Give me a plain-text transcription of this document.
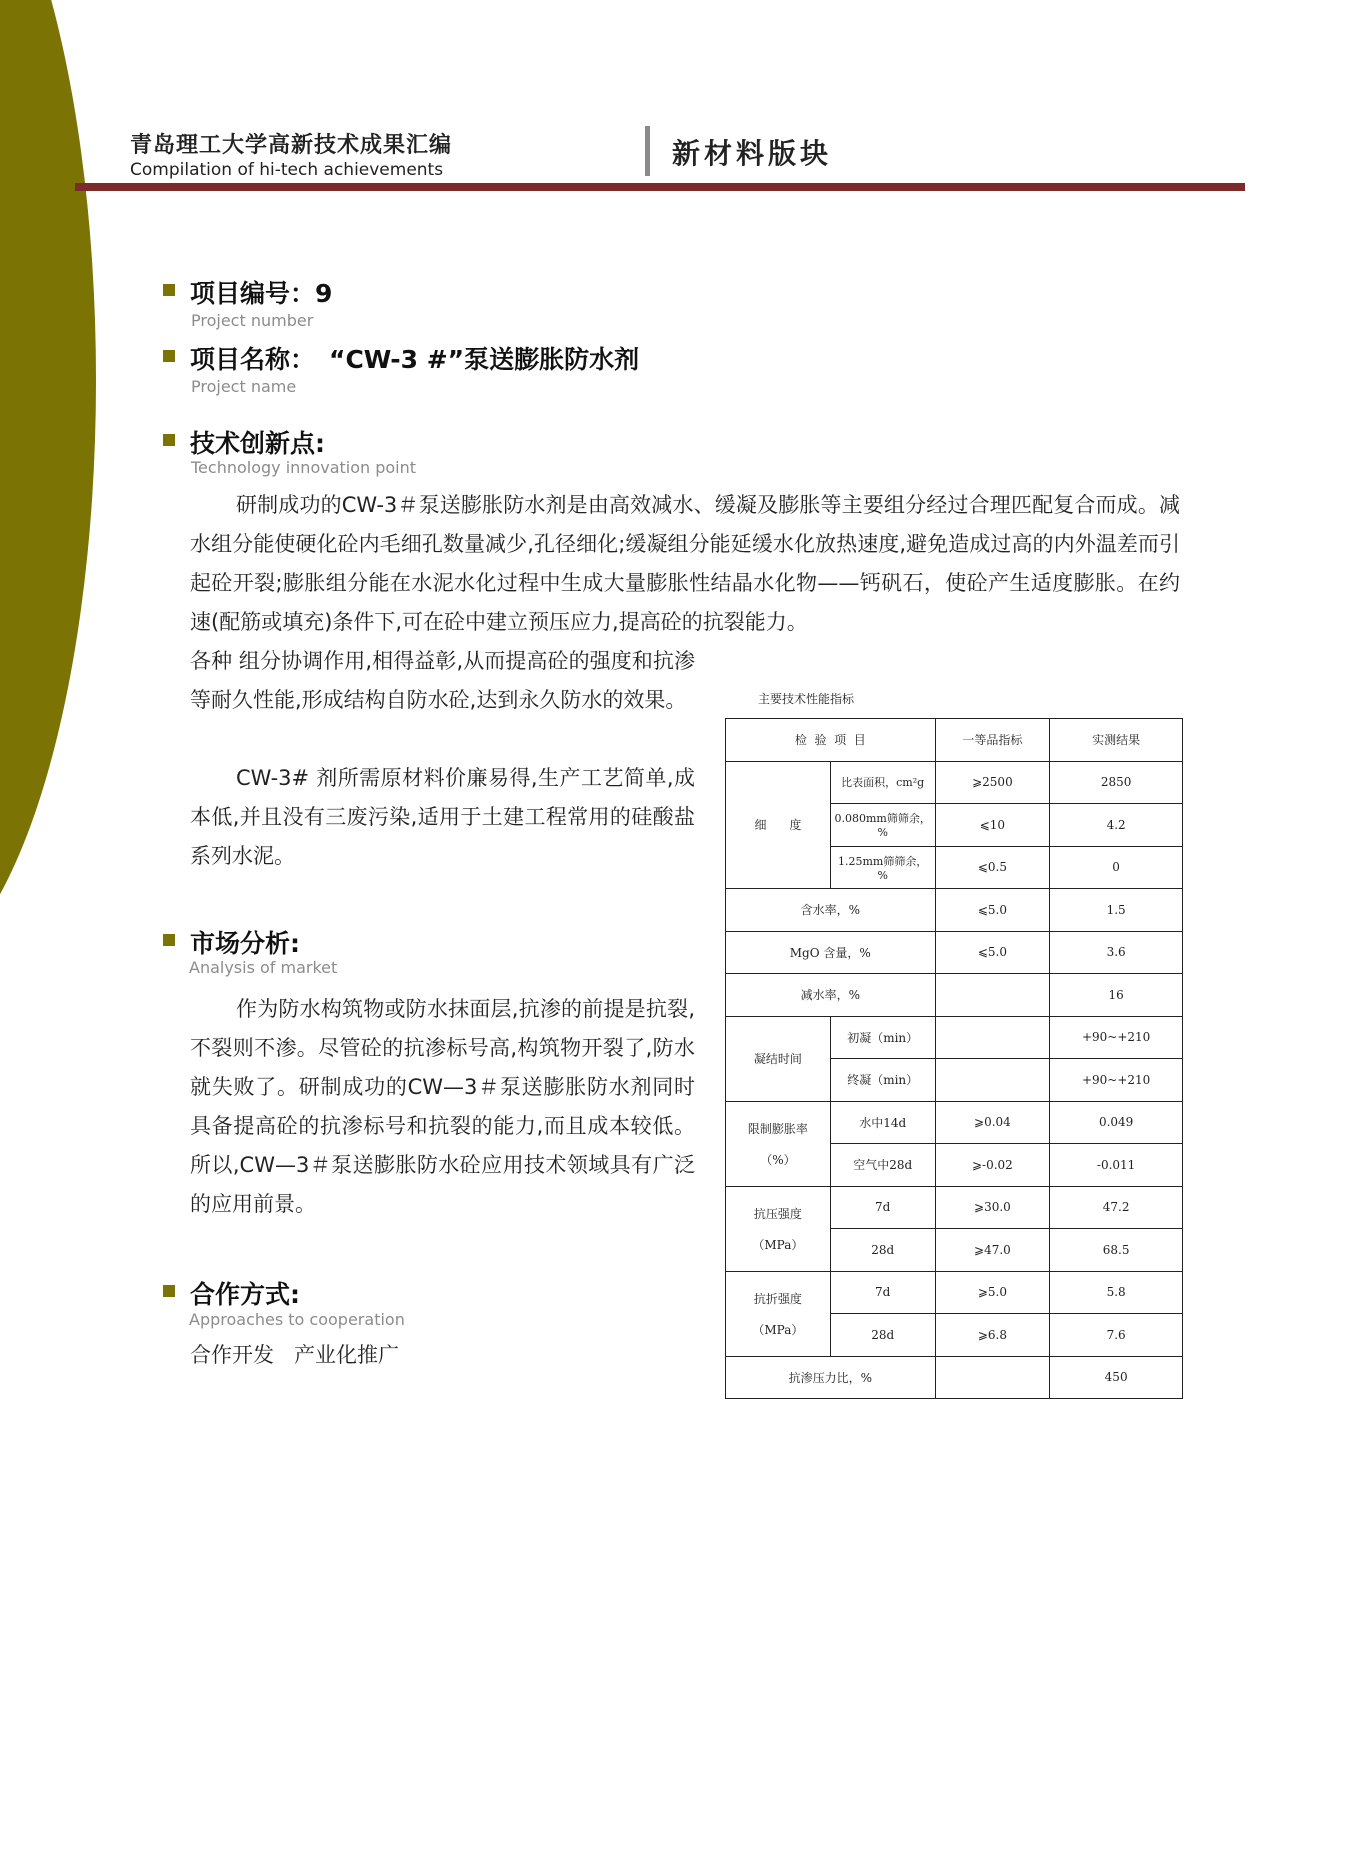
青岛理工大学高新技术成果汇编
Compilation of hi-tech achievements	新材料版块
项目编号：9
Project number
项目名称： “CW-3 #”泵送膨胀防水剂
Project name
技术创新点:
Technology innovation point

研制成功的CW-3＃泵送膨胀防水剂是由高效减水、缓凝及膨胀等主要组分经过合理匹配复合而成。减水组分能使硬化砼内毛细孔数量减少,孔径细化;缓凝组分能延缓水化放热速度,避免造成过高的内外温差而引起砼开裂;膨胀组分能在水泥水化过程中生成大量膨胀性结晶水化物——钙矾石，使砼产生适度膨胀。在约速(配筋或填充)条件下,可在砼中建立预压应力,提高砼的抗裂能力。

各种 组分协调作用,相得益彰,从而提高砼的强度和抗渗等耐久性能,形成结构自防水砼,达到永久防水的效果。

CW-3# 剂所需原材料价廉易得,生产工艺简单,成本低,并且没有三废污染,适用于土建工程常用的硅酸盐系列水泥。

市场分析:
Analysis of market

作为防水构筑物或防水抹面层,抗渗的前提是抗裂,不裂则不渗。尽管砼的抗渗标号高,构筑物开裂了,防水就失败了。研制成功的CW—3＃泵送膨胀防水剂同时具备提高砼的抗渗标号和抗裂的能力,而且成本较低。所以,CW—3＃泵送膨胀防水砼应用技术领域具有广泛的应用前景。

合作方式:
Approaches to cooperation
合作开发   产业化推广
主要技术性能指标
检  验  项  目		一等品指标	实测结果
细      度	比表面积，cm²g	⩾2500	2850
	0.080mm筛筛余，%	⩽10	4.2
	1.25mm筛筛余，%	⩽0.5	0
含水率，%		⩽5.0	1.5
MgO 含量，%		⩽5.0	3.6
减水率，%			16
凝结时间	初凝（min）		+90~+210
	终凝（min）		+90~+210

限制膨胀率
（%）	水中14d	⩾0.04	0.049
	空气中28d	⩾-0.02	-0.011

抗压强度
（MPa）	7d	⩾30.0	47.2
	28d	⩾47.0	68.5

抗折强度
（MPa）	7d	⩾5.0	5.8
	28d	⩾6.8	7.6
抗渗压力比，%			450
